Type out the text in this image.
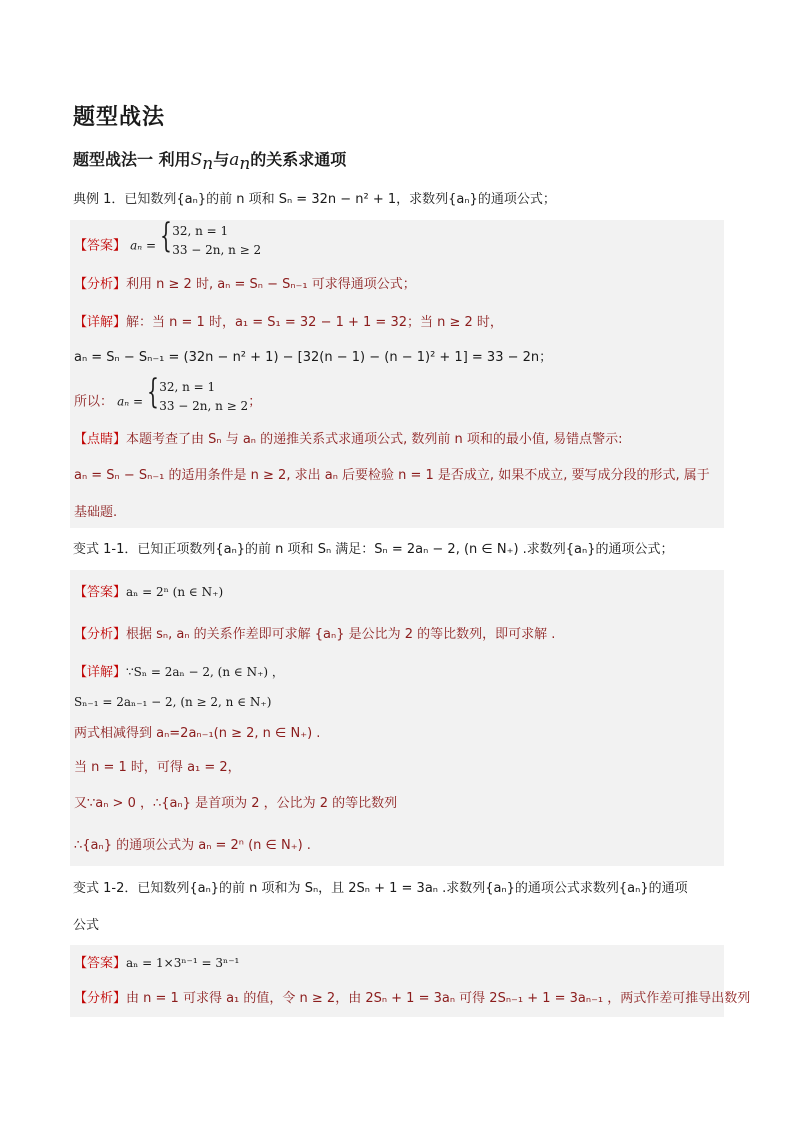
题型战法
题型战法一 利用$S_n$与$a_n$的关系求通项
典例 1．已知数列{aₙ}的前 n 项和 Sₙ = 32n − n² + 1，求数列{aₙ}的通项公式；
【答案】 aₙ =
{ 32, n = 1
33 − 2n, n ≥ 2
【分析】利用 n ≥ 2 时, aₙ = Sₙ − Sₙ₋₁ 可求得通项公式；
【详解】解：当 n = 1 时，a₁ = S₁ = 32 − 1 + 1 = 32；当 n ≥ 2 时，
aₙ = Sₙ − Sₙ₋₁ = (32n − n² + 1) − [32(n − 1) − (n − 1)² + 1] = 33 − 2n；
所以： aₙ =
{ 32, n = 1
33 − 2n, n ≥ 2 ；
【点睛】本题考查了由 Sₙ 与 aₙ 的递推关系式求通项公式, 数列前 n 项和的最小值, 易错点警示:
aₙ = Sₙ − Sₙ₋₁ 的适用条件是 n ≥ 2, 求出 aₙ 后要检验 n = 1 是否成立, 如果不成立, 要写成分段的形式, 属于
基础题.
变式 1-1．已知正项数列{aₙ}的前 n 项和 Sₙ 满足：Sₙ = 2aₙ − 2, (n ∈ N₊) .求数列{aₙ}的通项公式；
【答案】aₙ = 2ⁿ (n ∈ N₊)
【分析】根据 sₙ, aₙ 的关系作差即可求解 {aₙ} 是公比为 2 的等比数列，即可求解 .
【详解】∵Sₙ = 2aₙ − 2, (n ∈ N₊) ，
Sₙ₋₁ = 2aₙ₋₁ − 2, (n ≥ 2, n ∈ N₊)
两式相减得到 aₙ=2aₙ₋₁(n ≥ 2, n ∈ N₊) .
当 n = 1 时，可得 a₁ = 2，
又∵aₙ > 0 ，∴{aₙ} 是首项为 2 ，公比为 2 的等比数列
∴{aₙ} 的通项公式为 aₙ = 2ⁿ (n ∈ N₊) .
变式 1-2．已知数列{aₙ}的前 n 项和为 Sₙ，且 2Sₙ + 1 = 3aₙ .求数列{aₙ}的通项公式求数列{aₙ}的通项
公式
【答案】aₙ = 1×3ⁿ⁻¹ = 3ⁿ⁻¹
【分析】由 n = 1 可求得 a₁ 的值，令 n ≥ 2，由 2Sₙ + 1 = 3aₙ 可得 2Sₙ₋₁ + 1 = 3aₙ₋₁ ，两式作差可推导出数列
